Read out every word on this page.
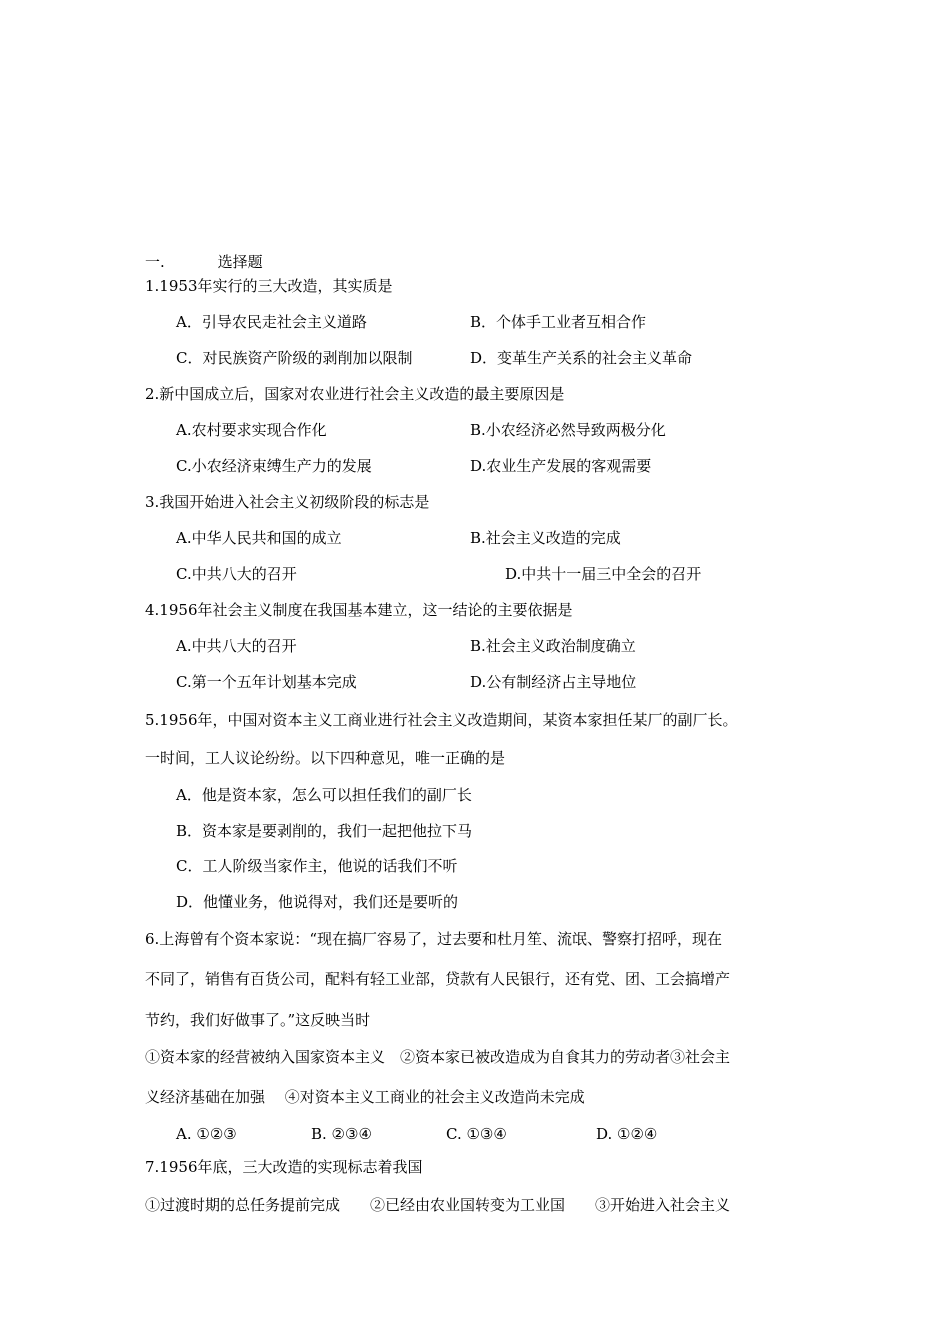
一.	选择题
1.1953年实行的三大改造，其实质是
A．引导农民走社会主义道路	B．个体手工业者互相合作
C．对民族资产阶级的剥削加以限制	D．变革生产关系的社会主义革命
2.新中国成立后，国家对农业进行社会主义改造的最主要原因是
A.农村要求实现合作化	B.小农经济必然导致两极分化
C.小农经济束缚生产力的发展	D.农业生产发展的客观需要
3.我国开始进入社会主义初级阶段的标志是
A.中华人民共和国的成立	B.社会主义改造的完成
C.中共八大的召开	D.中共十一届三中全会的召开
4.1956年社会主义制度在我国基本建立，这一结论的主要依据是
A.中共八大的召开	B.社会主义政治制度确立
C.第一个五年计划基本完成	D.公有制经济占主导地位
5.1956年，中国对资本主义工商业进行社会主义改造期间，某资本家担任某厂的副厂长。
一时间，工人议论纷纷。以下四种意见，唯一正确的是
A．他是资本家，怎么可以担任我们的副厂长
B．资本家是要剥削的，我们一起把他拉下马
C．工人阶级当家作主，他说的话我们不听
D．他懂业务，他说得对，我们还是要听的
6.上海曾有个资本家说：“现在搞厂容易了，过去要和杜月笙、流氓、警察打招呼，现在
不同了，销售有百货公司，配料有轻工业部，贷款有人民银行，还有党、团、工会搞增产
节约，我们好做事了。”这反映当时
①资本家的经营被纳入国家资本主义　②资本家已被改造成为自食其力的劳动者③社会主
义经济基础在加强　 ④对资本主义工商业的社会主义改造尚未完成
A. ①②③	B. ②③④	C. ①③④	D. ①②④
7.1956年底，三大改造的实现标志着我国
①过渡时期的总任务提前完成　　②已经由农业国转变为工业国　　③开始进入社会主义
